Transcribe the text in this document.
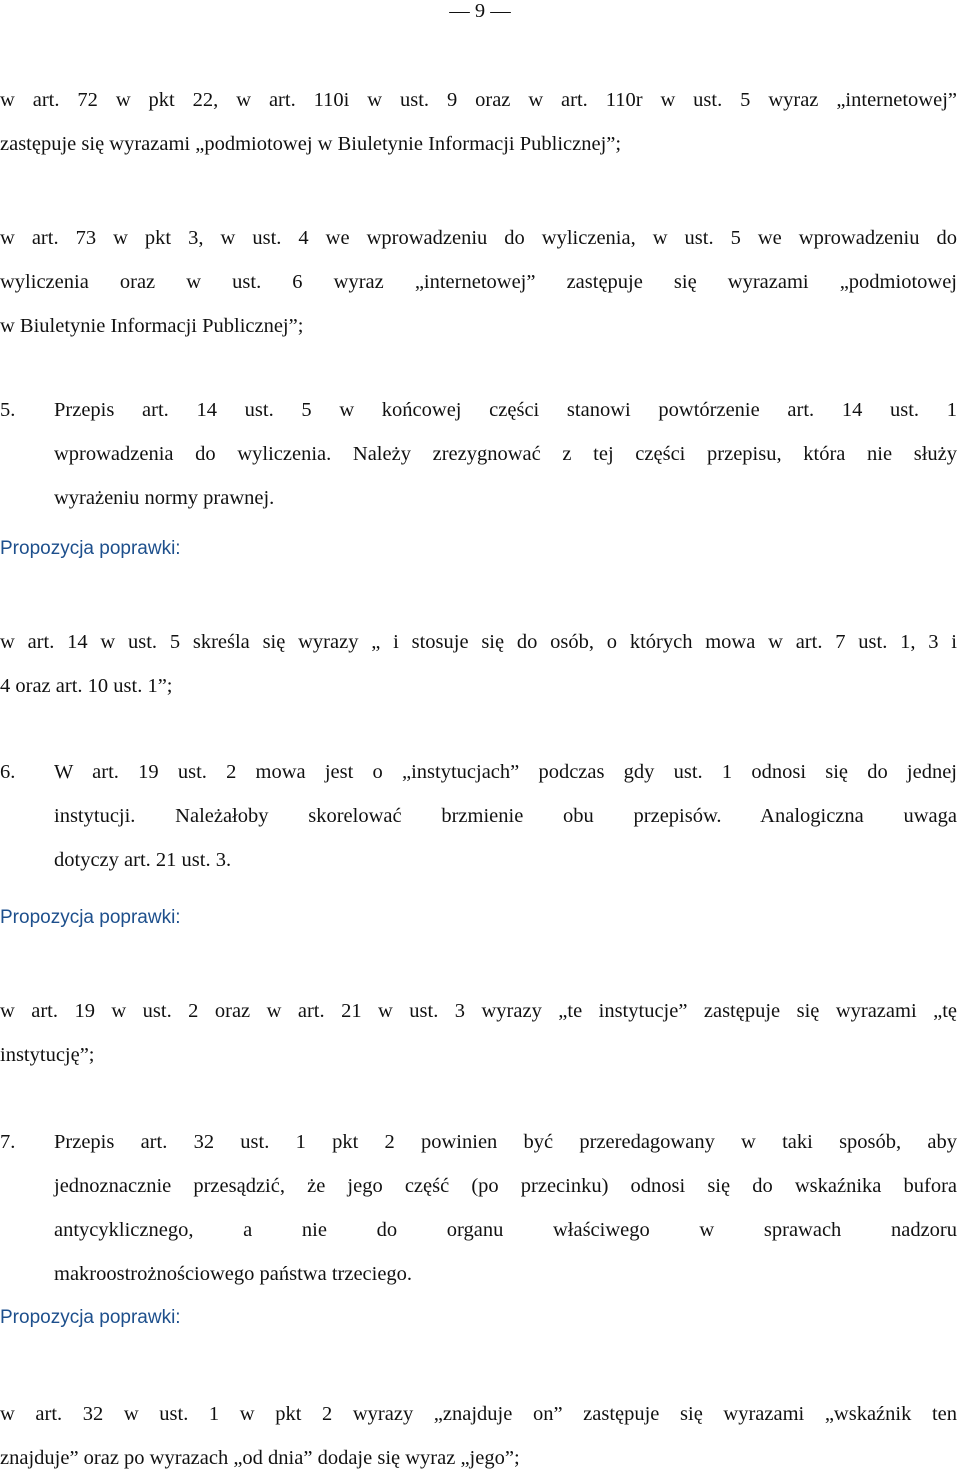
— 9 —
w art. 72 w pkt 22, w art. 110i w ust. 9 oraz w art. 110r w ust. 5 wyraz „internetowej”
zastępuje się wyrazami „podmiotowej w Biuletynie Informacji Publicznej”;
w art. 73 w pkt 3, w ust. 4 we wprowadzeniu do wyliczenia, w ust. 5 we wprowadzeniu do
wyliczenia oraz w ust. 6 wyraz „internetowej” zastępuje się wyrazami „podmiotowej
w Biuletynie Informacji Publicznej”;
5. Przepis art. 14 ust. 5 w końcowej części stanowi powtórzenie art. 14 ust. 1
wprowadzenia do wyliczenia. Należy zrezygnować z tej części przepisu, która nie służy
wyrażeniu normy prawnej.
Propozycja poprawki:
w art. 14 w ust. 5 skreśla się wyrazy „ i stosuje się do osób, o których mowa w art. 7 ust. 1, 3 i
4 oraz art. 10 ust. 1”;
6. W art. 19 ust. 2 mowa jest o „instytucjach” podczas gdy ust. 1 odnosi się do jednej
instytucji. Należałoby skorelować brzmienie obu przepisów. Analogiczna uwaga
dotyczy art. 21 ust. 3.
Propozycja poprawki:
w art. 19 w ust. 2 oraz w art. 21 w ust. 3 wyrazy „te instytucje” zastępuje się wyrazami „tę
instytucję”;
7. Przepis art. 32 ust. 1 pkt 2 powinien być przeredagowany w taki sposób, aby
jednoznacznie przesądzić, że jego część (po przecinku) odnosi się do wskaźnika bufora
antycyklicznego, a nie do organu właściwego w sprawach nadzoru
makroostrożnościowego państwa trzeciego.
Propozycja poprawki:
w art. 32 w ust. 1 w pkt 2 wyrazy „znajduje on” zastępuje się wyrazami „wskaźnik ten
znajduje” oraz po wyrazach „od dnia” dodaje się wyraz „jego”;
